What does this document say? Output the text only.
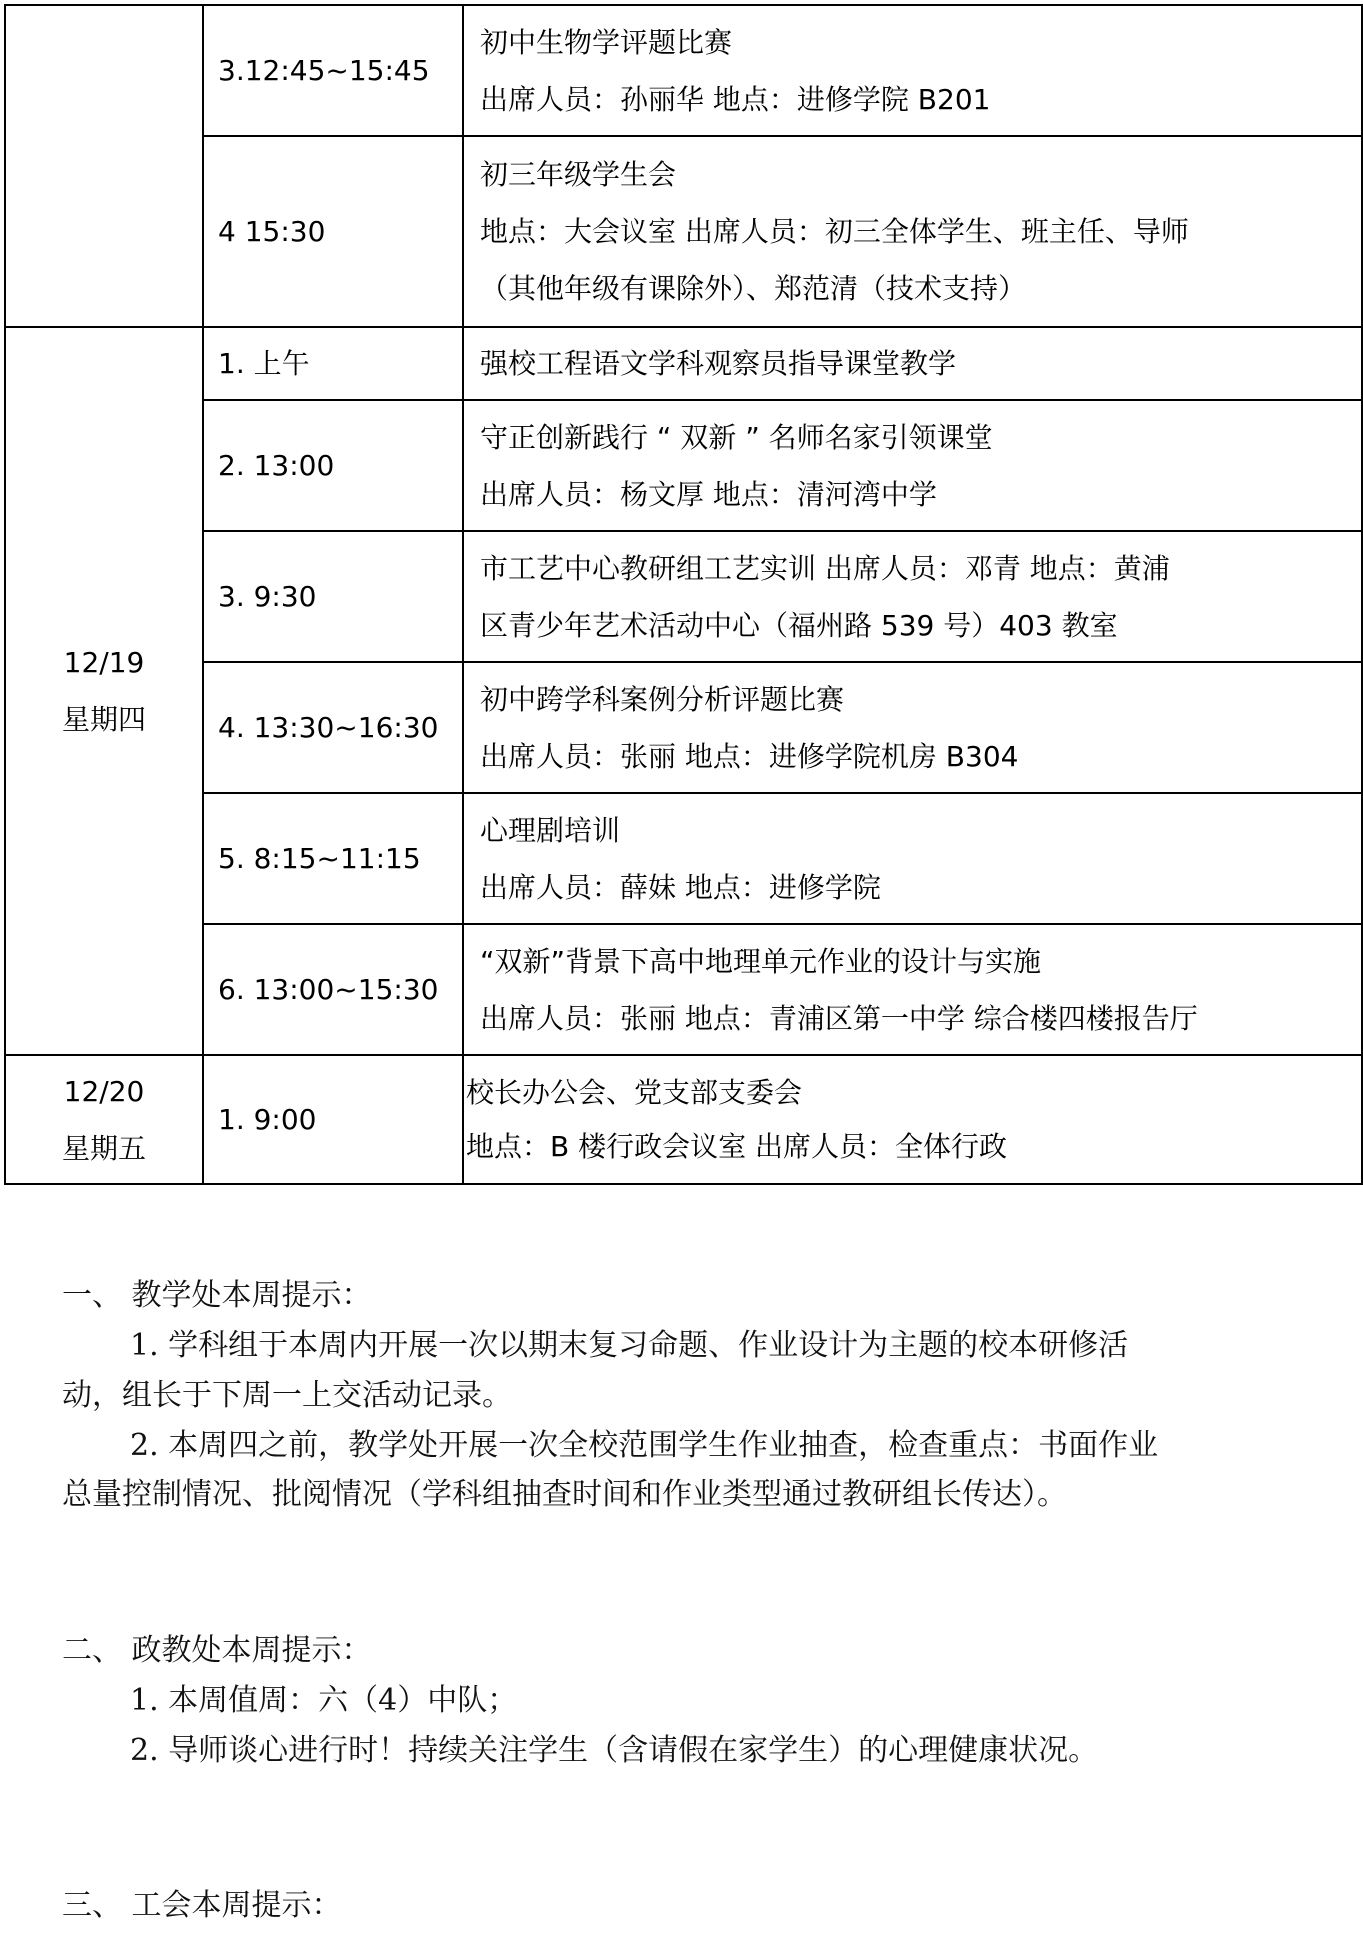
	3.12:45~15:45	初中生物学评题比赛
出席人员：孙丽华 地点：进修学院 B201

	4 15:30	初三年级学生会
地点：大会议室 出席人员：初三全体学生、班主任、导师
（其他年级有课除外）、郑范清（技术支持）

12/19
星期四	1. 上午	强校工程语文学科观察员指导课堂教学

	2. 13:00	守正创新践行 “ 双新 ” 名师名家引领课堂
出席人员：杨文厚 地点：清河湾中学

	3. 9:30	市工艺中心教研组工艺实训 出席人员：邓青 地点：黄浦
区青少年艺术活动中心（福州路 539 号）403 教室

	4. 13:30~16:30	初中跨学科案例分析评题比赛
出席人员：张丽 地点：进修学院机房 B304

	5. 8:15~11:15	心理剧培训
出席人员：薛妹 地点：进修学院

	6. 13:00~15:30	“双新”背景下高中地理单元作业的设计与实施
出席人员：张丽 地点：青浦区第一中学 综合楼四楼报告厅

12/20
星期五	1. 9:00	校长办公会、党支部支委会
地点：B 楼行政会议室 出席人员：全体行政
一、 教学处本周提示：
1. 学科组于本周内开展一次以期末复习命题、作业设计为主题的校本研修活
动，组长于下周一上交活动记录。
2. 本周四之前，教学处开展一次全校范围学生作业抽查，检查重点：书面作业
总量控制情况、批阅情况（学科组抽查时间和作业类型通过教研组长传达）。
二、 政教处本周提示：
1. 本周值周：六（4）中队；
2. 导师谈心进行时！持续关注学生（含请假在家学生）的心理健康状况。
三、 工会本周提示：
